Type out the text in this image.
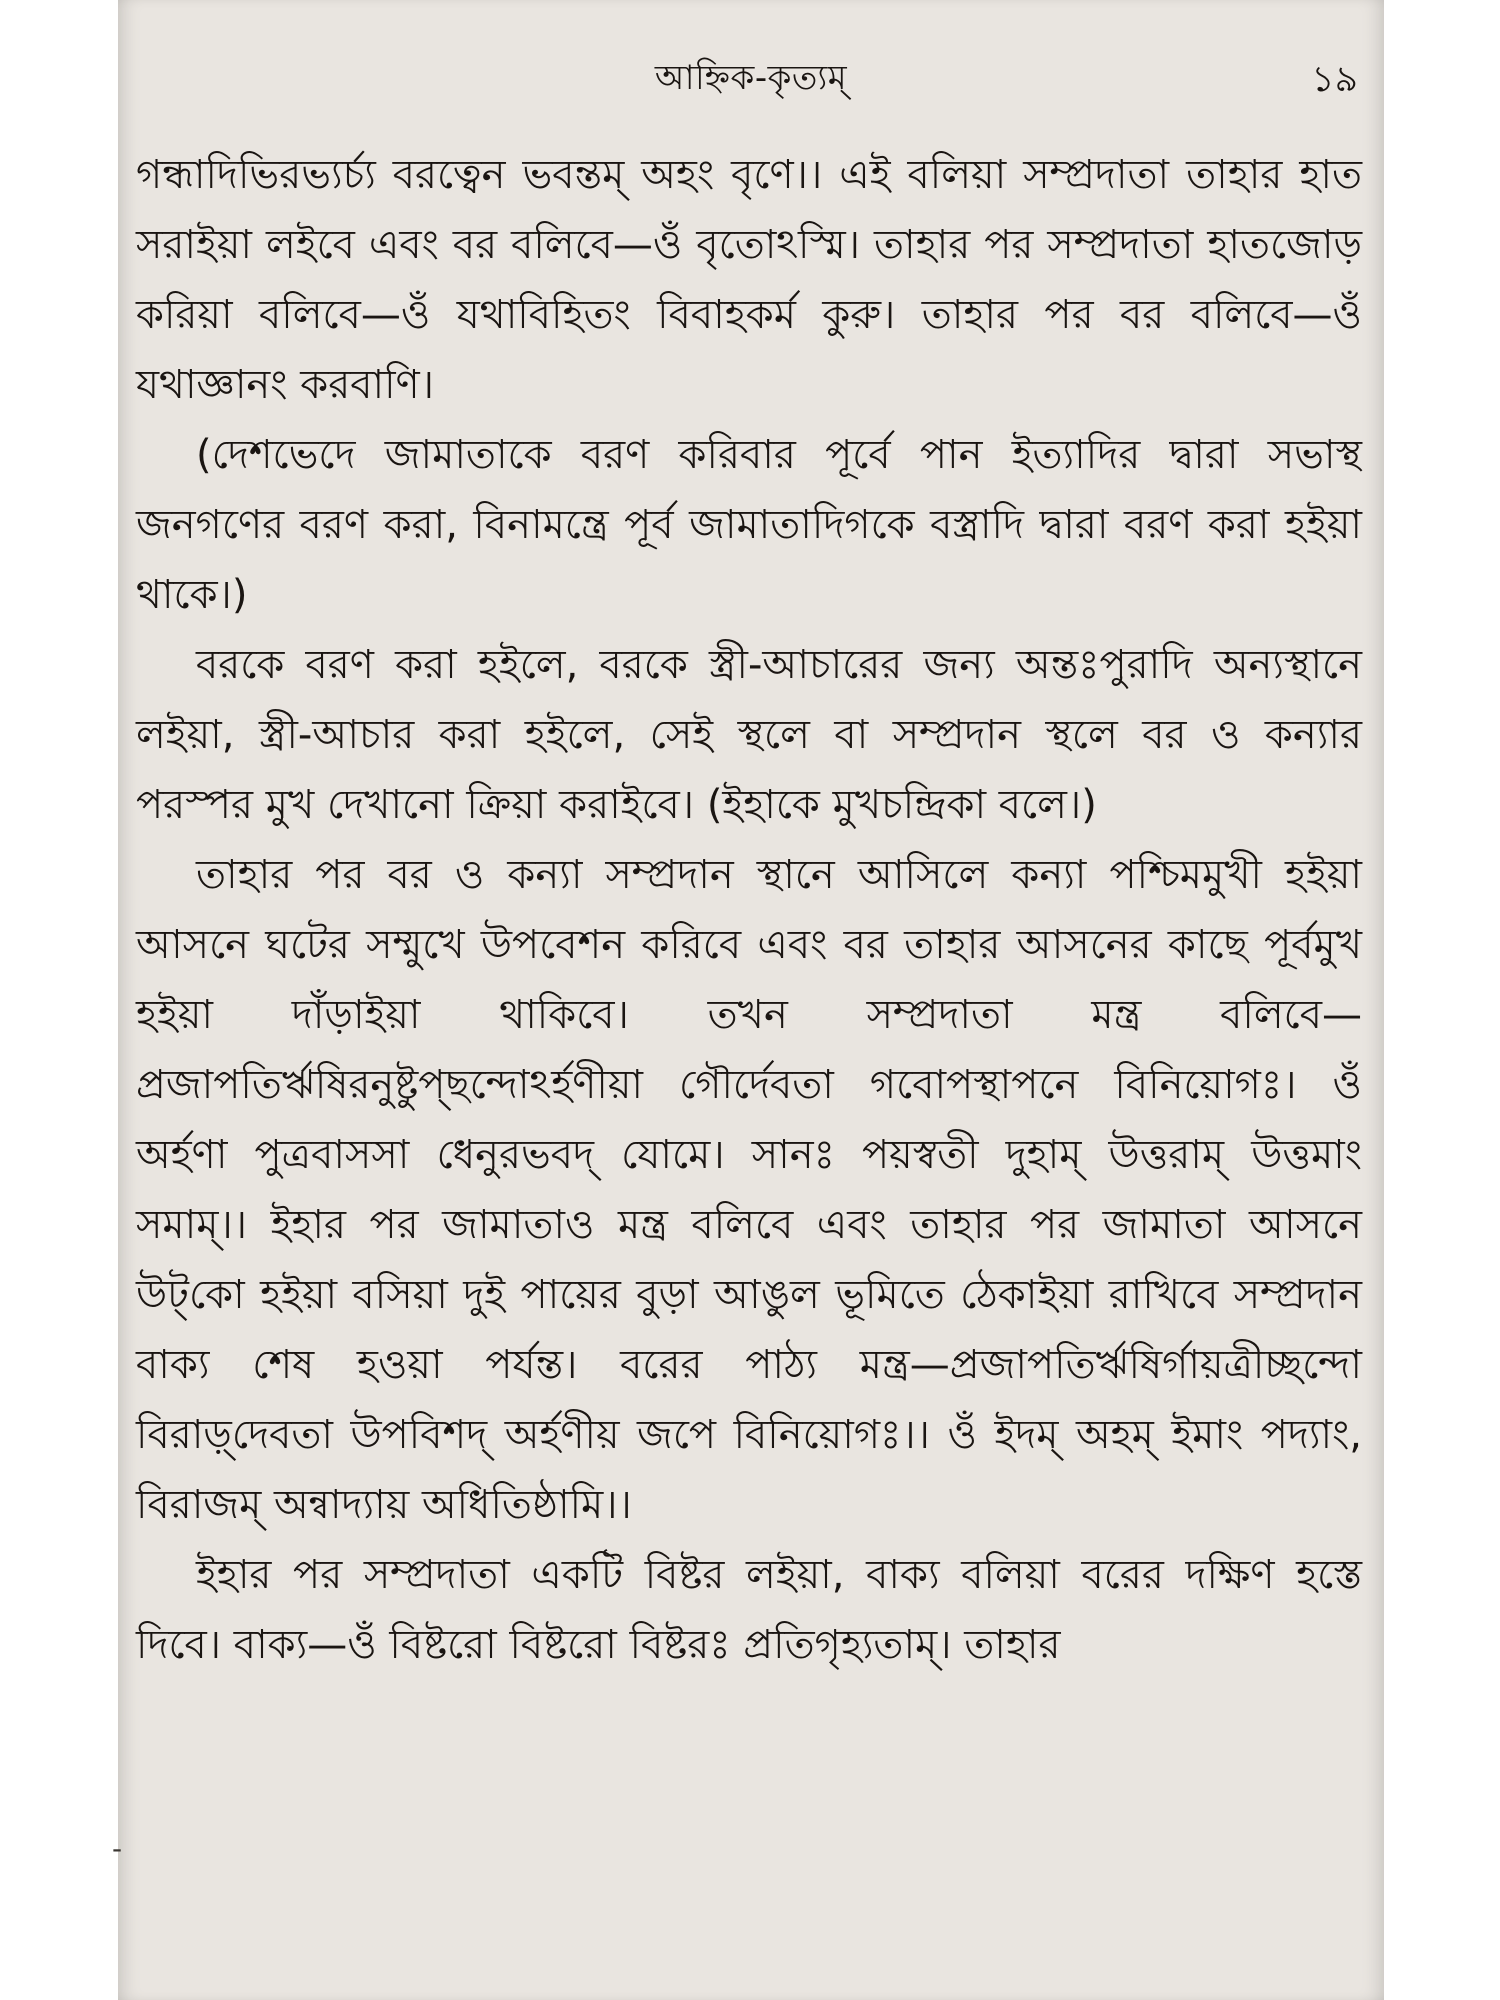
আহ্নিক-কৃত্যম্	১৯

গন্ধাদিভিরভ্যর্চ্য বরত্বেন ভবন্তম্ অহং বৃণে।। এই বলিয়া সম্প্রদাতা তাহার হাত সরাইয়া লইবে এবং বর বলিবে—ওঁ বৃতোঽস্মি। তাহার পর সম্প্রদাতা হাতজোড় করিয়া বলিবে—ওঁ যথাবিহিতং বিবাহকর্ম কুরু। তাহার পর বর বলিবে—ওঁ যথাজ্ঞানং করবাণি।

(দেশভেদে জামাতাকে বরণ করিবার পূর্বে পান ইত্যাদির দ্বারা সভাস্থ জনগণের বরণ করা, বিনামন্ত্রে পূর্ব জামাতাদিগকে বস্ত্রাদি দ্বারা বরণ করা হইয়া থাকে।)

বরকে বরণ করা হইলে, বরকে স্ত্রী-আচারের জন্য অন্তঃপুরাদি অন্যস্থানে লইয়া, স্ত্রী-আচার করা হইলে, সেই স্থলে বা সম্প্রদান স্থলে বর ও কন্যার পরস্পর মুখ দেখানো ক্রিয়া করাইবে। (ইহাকে মুখচন্দ্রিকা বলে।)

তাহার পর বর ও কন্যা সম্প্রদান স্থানে আসিলে কন্যা পশ্চিমমুখী হইয়া আসনে ঘটের সম্মুখে উপবেশন করিবে এবং বর তাহার আসনের কাছে পূর্বমুখ হইয়া দাঁড়াইয়া থাকিবে। তখন সম্প্রদাতা মন্ত্র বলিবে—প্রজাপতির্ঋষিরনুষ্টুপ্‌ছন্দোঽর্হণীয়া গৌর্দেবতা গবোপস্থাপনে বিনিয়োগঃ। ওঁ অর্হণা পুত্রবাসসা ধেনুরভবদ্ যোমে। সানঃ পয়স্বতী দুহাম্ উত্তরাম্ উত্তমাং সমাম্।। ইহার পর জামাতাও মন্ত্র বলিবে এবং তাহার পর জামাতা আসনে উট্‌কো হইয়া বসিয়া দুই পায়ের বুড়া আঙুল ভূমিতে ঠেকাইয়া রাখিবে সম্প্রদান বাক্য শেষ হওয়া পর্যন্ত। বরের পাঠ্য মন্ত্র—প্রজাপতির্ঋষির্গায়ত্রীচ্ছন্দো বিরাড়্‌দেবতা উপবিশদ্ অর্হণীয় জপে বিনিয়োগঃ।। ওঁ ইদম্ অহম্ ইমাং পদ্যাং, বিরাজম্ অন্বাদ্যায় অধিতিষ্ঠামি।।

ইহার পর সম্প্রদাতা একটি বিষ্টর লইয়া, বাক্য বলিয়া বরের দক্ষিণ হস্তে দিবে। বাক্য—ওঁ বিষ্টরো বিষ্টরো বিষ্টরঃ প্রতিগৃহ্যতাম্। তাহার

-
